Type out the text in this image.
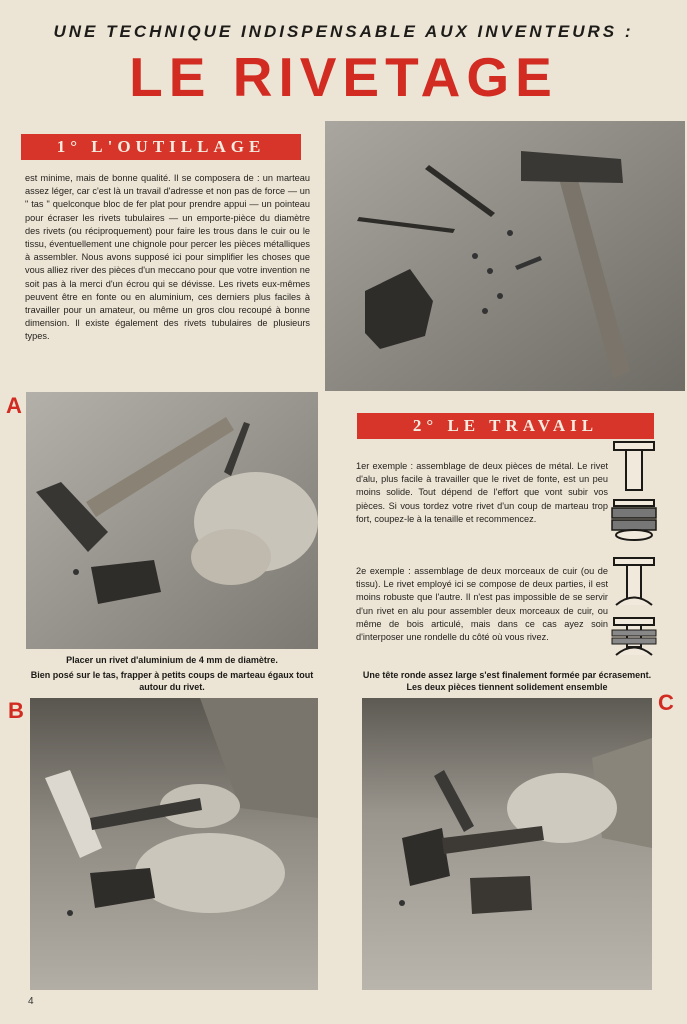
UNE TECHNIQUE INDISPENSABLE AUX INVENTEURS :
LE RIVETAGE
1° L'OUTILLAGE

est minime, mais de bonne qualité. Il se composera de : un marteau assez léger, car c'est là un travail d'adresse et non pas de force — un " tas " quelconque bloc de fer plat pour prendre appui — un pointeau pour écraser les rivets tubulaires — un emporte-pièce du diamètre des rivets (ou réciproquement) pour faire les trous dans le cuir ou le tissu, éventuellement une chignole pour percer les pièces métalliques à assembler. Nous avons supposé ici pour simplifier les choses que vous alliez river des pièces d'un meccano pour que votre invention ne soit pas à la merci d'un écrou qui se dévisse. Les rivets eux-mêmes peuvent être en fonte ou en aluminium, ces derniers plus faciles à travailler pour un amateur, ou même un gros clou recoupé à bonne dimension. Il existe également des rivets tubulaires de plusieurs types.

A
Placer un rivet d'aluminium de 4 mm de diamètre.
Bien posé sur le tas, frapper à petits coups de marteau égaux tout autour du rivet.
2° LE TRAVAIL

1er exemple : assemblage de deux pièces de métal. Le rivet d'alu, plus facile à travailler que le rivet de fonte, est un peu moins solide. Tout dépend de l'effort que vont subir vos pièces. Si vous tordez votre rivet d'un coup de marteau trop fort, coupez-le à la tenaille et recommencez.

2e exemple : assemblage de deux morceaux de cuir (ou de tissu). Le rivet employé ici se compose de deux parties, il est moins robuste que l'autre. Il n'est pas impossible de se servir d'un rivet en alu pour assembler deux morceaux de cuir, ou même de bois articulé, mais dans ce cas ayez soin d'interposer une rondelle du côté où vous rivez.

Une tête ronde assez large s'est finalement formée par écrasement. Les deux pièces tiennent solidement ensemble
B	C
4
